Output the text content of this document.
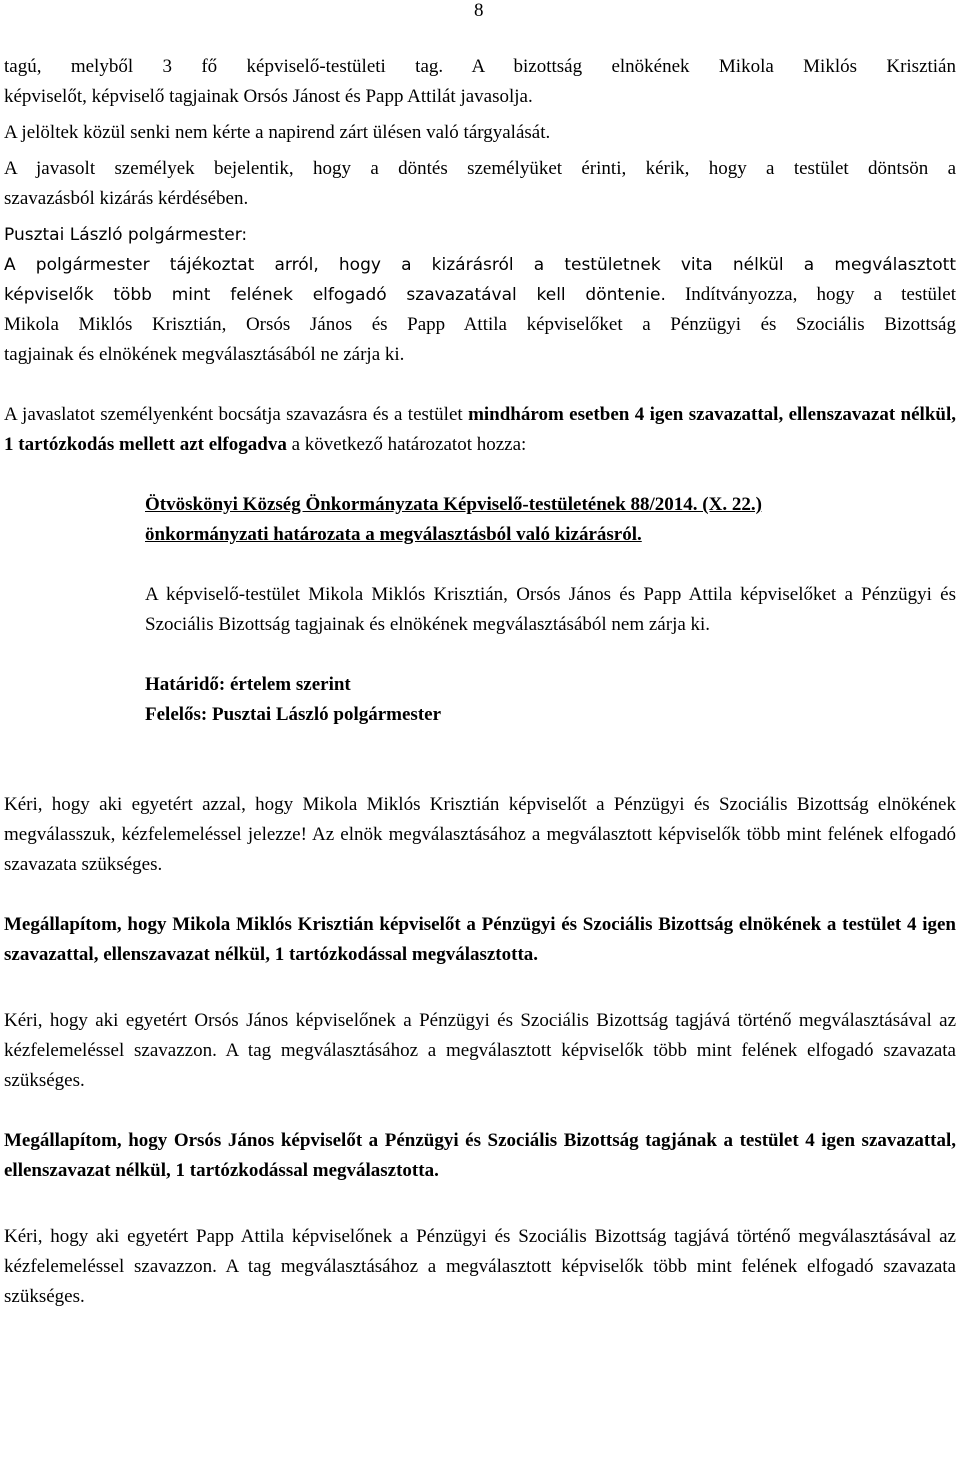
8

tagú, melyből 3 fő képviselő-testületi tag. A bizottság elnökének Mikola Miklós Krisztián

képviselőt, képviselő tagjainak Orsós Jánost és Papp Attilát javasolja.

A jelöltek közül senki nem kérte a napirend zárt ülésen való tárgyalását.

A javasolt személyek bejelentik, hogy a döntés személyüket érinti, kérik, hogy a testület döntsön a

szavazásból kizárás kérdésében.

Pusztai László polgármester:

A polgármester tájékoztat arról, hogy a kizárásról a testületnek vita nélkül a megválasztott

képviselők több mint felének elfogadó szavazatával kell döntenie. Indítványozza, hogy a testület

Mikola Miklós Krisztián, Orsós János és Papp Attila képviselőket a Pénzügyi és Szociális Bizottság

tagjainak és elnökének megválasztásából ne zárja ki.

A javaslatot személyenként bocsátja szavazásra és a testület mindhárom esetben 4 igen szavazattal, ellenszavazat nélkül, 1 tartózkodás mellett azt elfogadva a következő határozatot hozza:

Ötvöskönyi Község Önkormányzata Képviselő-testületének 88/2014. (X. 22.)

önkormányzati határozata a megválasztásból való kizárásról.

A képviselő-testület Mikola Miklós Krisztián, Orsós János és Papp Attila képviselőket a Pénzügyi és Szociális Bizottság tagjainak és elnökének megválasztásából nem zárja ki.

Határidő: értelem szerint

Felelős: Pusztai László polgármester

Kéri, hogy aki egyetért azzal, hogy Mikola Miklós Krisztián képviselőt a Pénzügyi és Szociális Bizottság elnökének megválasszuk, kézfelemeléssel jelezze! Az elnök megválasztásához a megválasztott képviselők több mint felének elfogadó szavazata szükséges.

Megállapítom, hogy Mikola Miklós Krisztián képviselőt a Pénzügyi és Szociális Bizottság elnökének a testület 4 igen szavazattal, ellenszavazat nélkül, 1 tartózkodással megválasztotta.

Kéri, hogy aki egyetért Orsós János képviselőnek a Pénzügyi és Szociális Bizottság tagjává történő megválasztásával az kézfelemeléssel szavazzon. A tag megválasztásához a megválasztott képviselők több mint felének elfogadó szavazata szükséges.

Megállapítom, hogy Orsós János képviselőt a Pénzügyi és Szociális Bizottság tagjának a testület 4 igen szavazattal, ellenszavazat nélkül, 1 tartózkodással megválasztotta.

Kéri, hogy aki egyetért Papp Attila képviselőnek a Pénzügyi és Szociális Bizottság tagjává történő megválasztásával az kézfelemeléssel szavazzon. A tag megválasztásához a megválasztott képviselők több mint felének elfogadó szavazata szükséges.
